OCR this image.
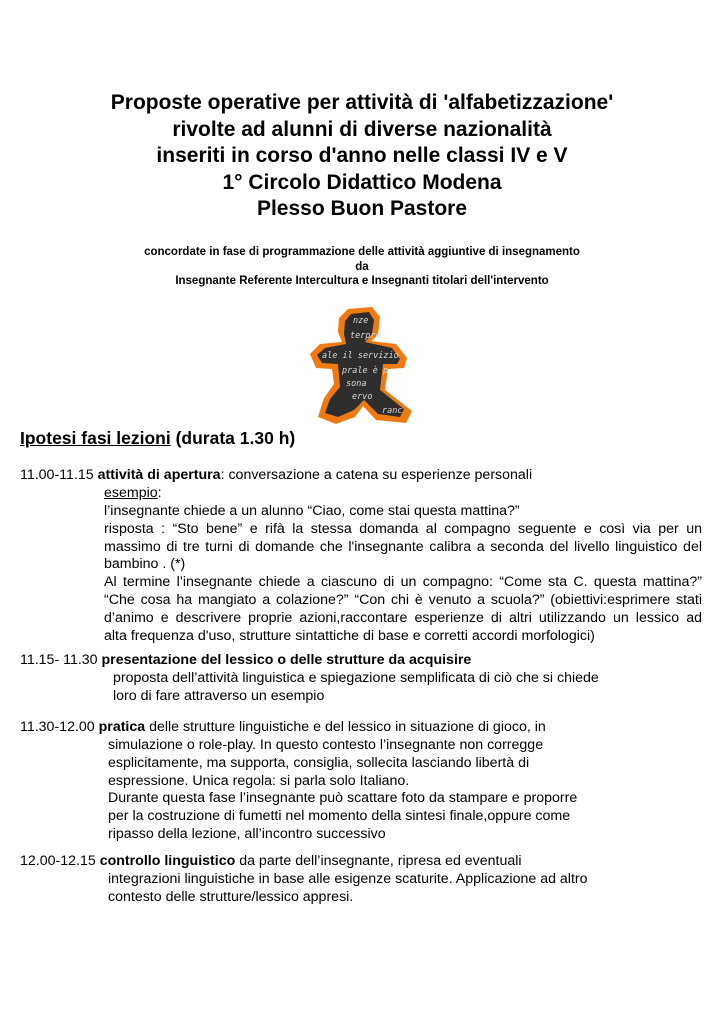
Proposte operative per attività di 'alfabetizzazione'
rivolte ad alunni di diverse nazionalità
inseriti in corso d'anno nelle classi IV e V
1° Circolo Didattico Modena
Plesso Buon Pastore
concordate in fase di programmazione delle attività aggiuntive di insegnamento
da
Insegnante Referente Intercultura e Insegnanti titolari dell'intervento
nze
terpro
ale il servizio
prale è p
sona
ervo
ranc
Ipotesi fasi lezioni (durata 1.30 h)
11.00-11.15 attività di apertura: conversazione a catena su esperienze personali
esempio:
l’insegnante chiede a un alunno “Ciao, come stai questa mattina?”
risposta : “Sto bene” e rifà la stessa domanda al compagno seguente e così via per un
massimo di tre turni di domande che l'insegnante calibra a seconda del livello linguistico del
bambino . (*)
Al termine l’insegnante chiede a ciascuno di un compagno: “Come sta C. questa mattina?”
“Che cosa ha mangiato a colazione?” “Con chi è venuto a scuola?” (obiettivi:esprimere stati
d’animo e descrivere proprie azioni,raccontare esperienze di altri utilizzando un lessico ad
alta frequenza d'uso, strutture sintattiche di base e corretti accordi morfologici)
11.15- 11.30 presentazione del lessico o delle strutture da acquisire
proposta dell’attività linguistica e spiegazione semplificata di ciò che si chiede
loro di fare attraverso un esempio
11.30-12.00 pratica delle strutture linguistiche e del lessico in situazione di gioco, in
simulazione o role-play. In questo contesto l’insegnante non corregge
esplicitamente, ma supporta, consiglia, sollecita lasciando libertà di
espressione. Unica regola: si parla solo Italiano.
Durante questa fase l’insegnante può scattare foto da stampare e proporre
per la costruzione di fumetti nel momento della sintesi finale,oppure come
ripasso della lezione, all’incontro successivo
12.00-12.15 controllo linguistico da parte dell’insegnante, ripresa ed eventuali
integrazioni linguistiche in base alle esigenze scaturite. Applicazione ad altro
contesto delle strutture/lessico appresi.
